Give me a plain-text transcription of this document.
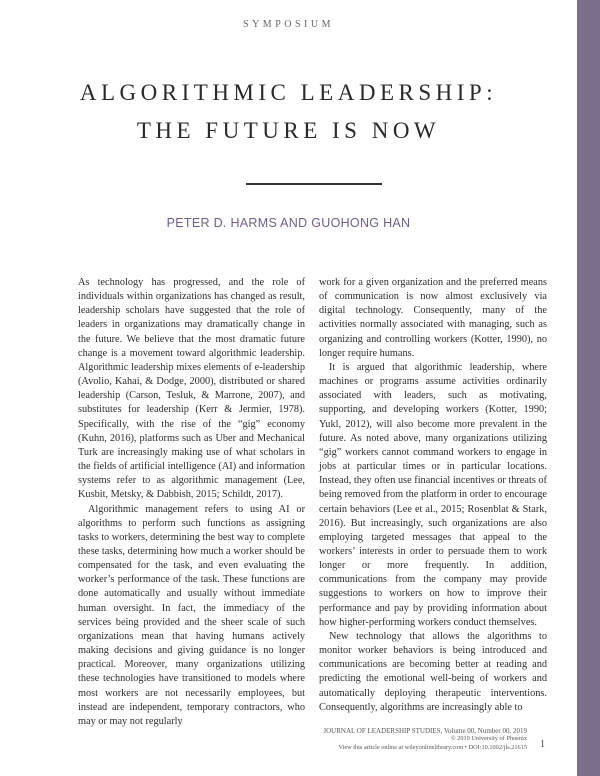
SYMPOSIUM
ALGORITHMIC LEADERSHIP:
THE FUTURE IS NOW
PETER D. HARMS AND GUOHONG HAN

As technology has progressed, and the role of individuals within organizations has changed as result, leadership scholars have suggested that the role of leaders in organizations may dramatically change in the future. We believe that the most dramatic future change is a movement toward algorithmic leadership. Algorithmic leadership mixes elements of e-leadership (Avolio, Kahai, & Dodge, 2000), distributed or shared leadership (Carson, Tesluk, & Marrone, 2007), and substitutes for leadership (Kerr & Jermier, 1978). Specifically, with the rise of the “gig” economy (Kuhn, 2016), platforms such as Uber and Mechanical Turk are increasingly making use of what scholars in the fields of artificial intelligence (AI) and information systems refer to as algorithmic management (Lee, Kusbit, Metsky, & Dabbish, 2015; Schildt, 2017).

Algorithmic management refers to using AI or algorithms to perform such functions as assigning tasks to workers, determining the best way to complete these tasks, determining how much a worker should be compensated for the task, and even evaluating the worker’s performance of the task. These functions are done automatically and usually without immediate human oversight. In fact, the immediacy of the services being provided and the sheer scale of such organizations mean that having humans actively making decisions and giving guidance is no longer practical. Moreover, many organizations utilizing these technologies have transitioned to models where most workers are not necessarily employees, but instead are independent, temporary contractors, who may or may not regularly

work for a given organization and the preferred means of communication is now almost exclusively via digital technology. Consequently, many of the activities normally associated with managing, such as organizing and controlling workers (Kotter, 1990), no longer require humans.

It is argued that algorithmic leadership, where machines or programs assume activities ordinarily associated with leaders, such as motivating, supporting, and developing workers (Kotter, 1990; Yukl, 2012), will also become more prevalent in the future. As noted above, many organizations utilizing “gig” workers cannot command workers to engage in jobs at particular times or in particular locations. Instead, they often use financial incentives or threats of being removed from the platform in order to encourage certain behaviors (Lee et al., 2015; Rosenblat & Stark, 2016). But increasingly, such organizations are also employing targeted messages that appeal to the workers’ interests in order to persuade them to work longer or more frequently. In addition, communications from the company may provide suggestions to workers on how to improve their performance and pay by providing information about how higher-performing workers conduct themselves.

New technology that allows the algorithms to monitor worker behaviors is being introduced and communications are becoming better at reading and predicting the emotional well-being of workers and automatically deploying therapeutic interventions. Consequently, algorithms are increasingly able to

JOURNAL OF LEADERSHIP STUDIES, Volume 00, Number 00, 2019
© 2019 University of Phoenix
View this article online at wileyonlinelibrary.com • DOI:10.1002/jls.21615 1
